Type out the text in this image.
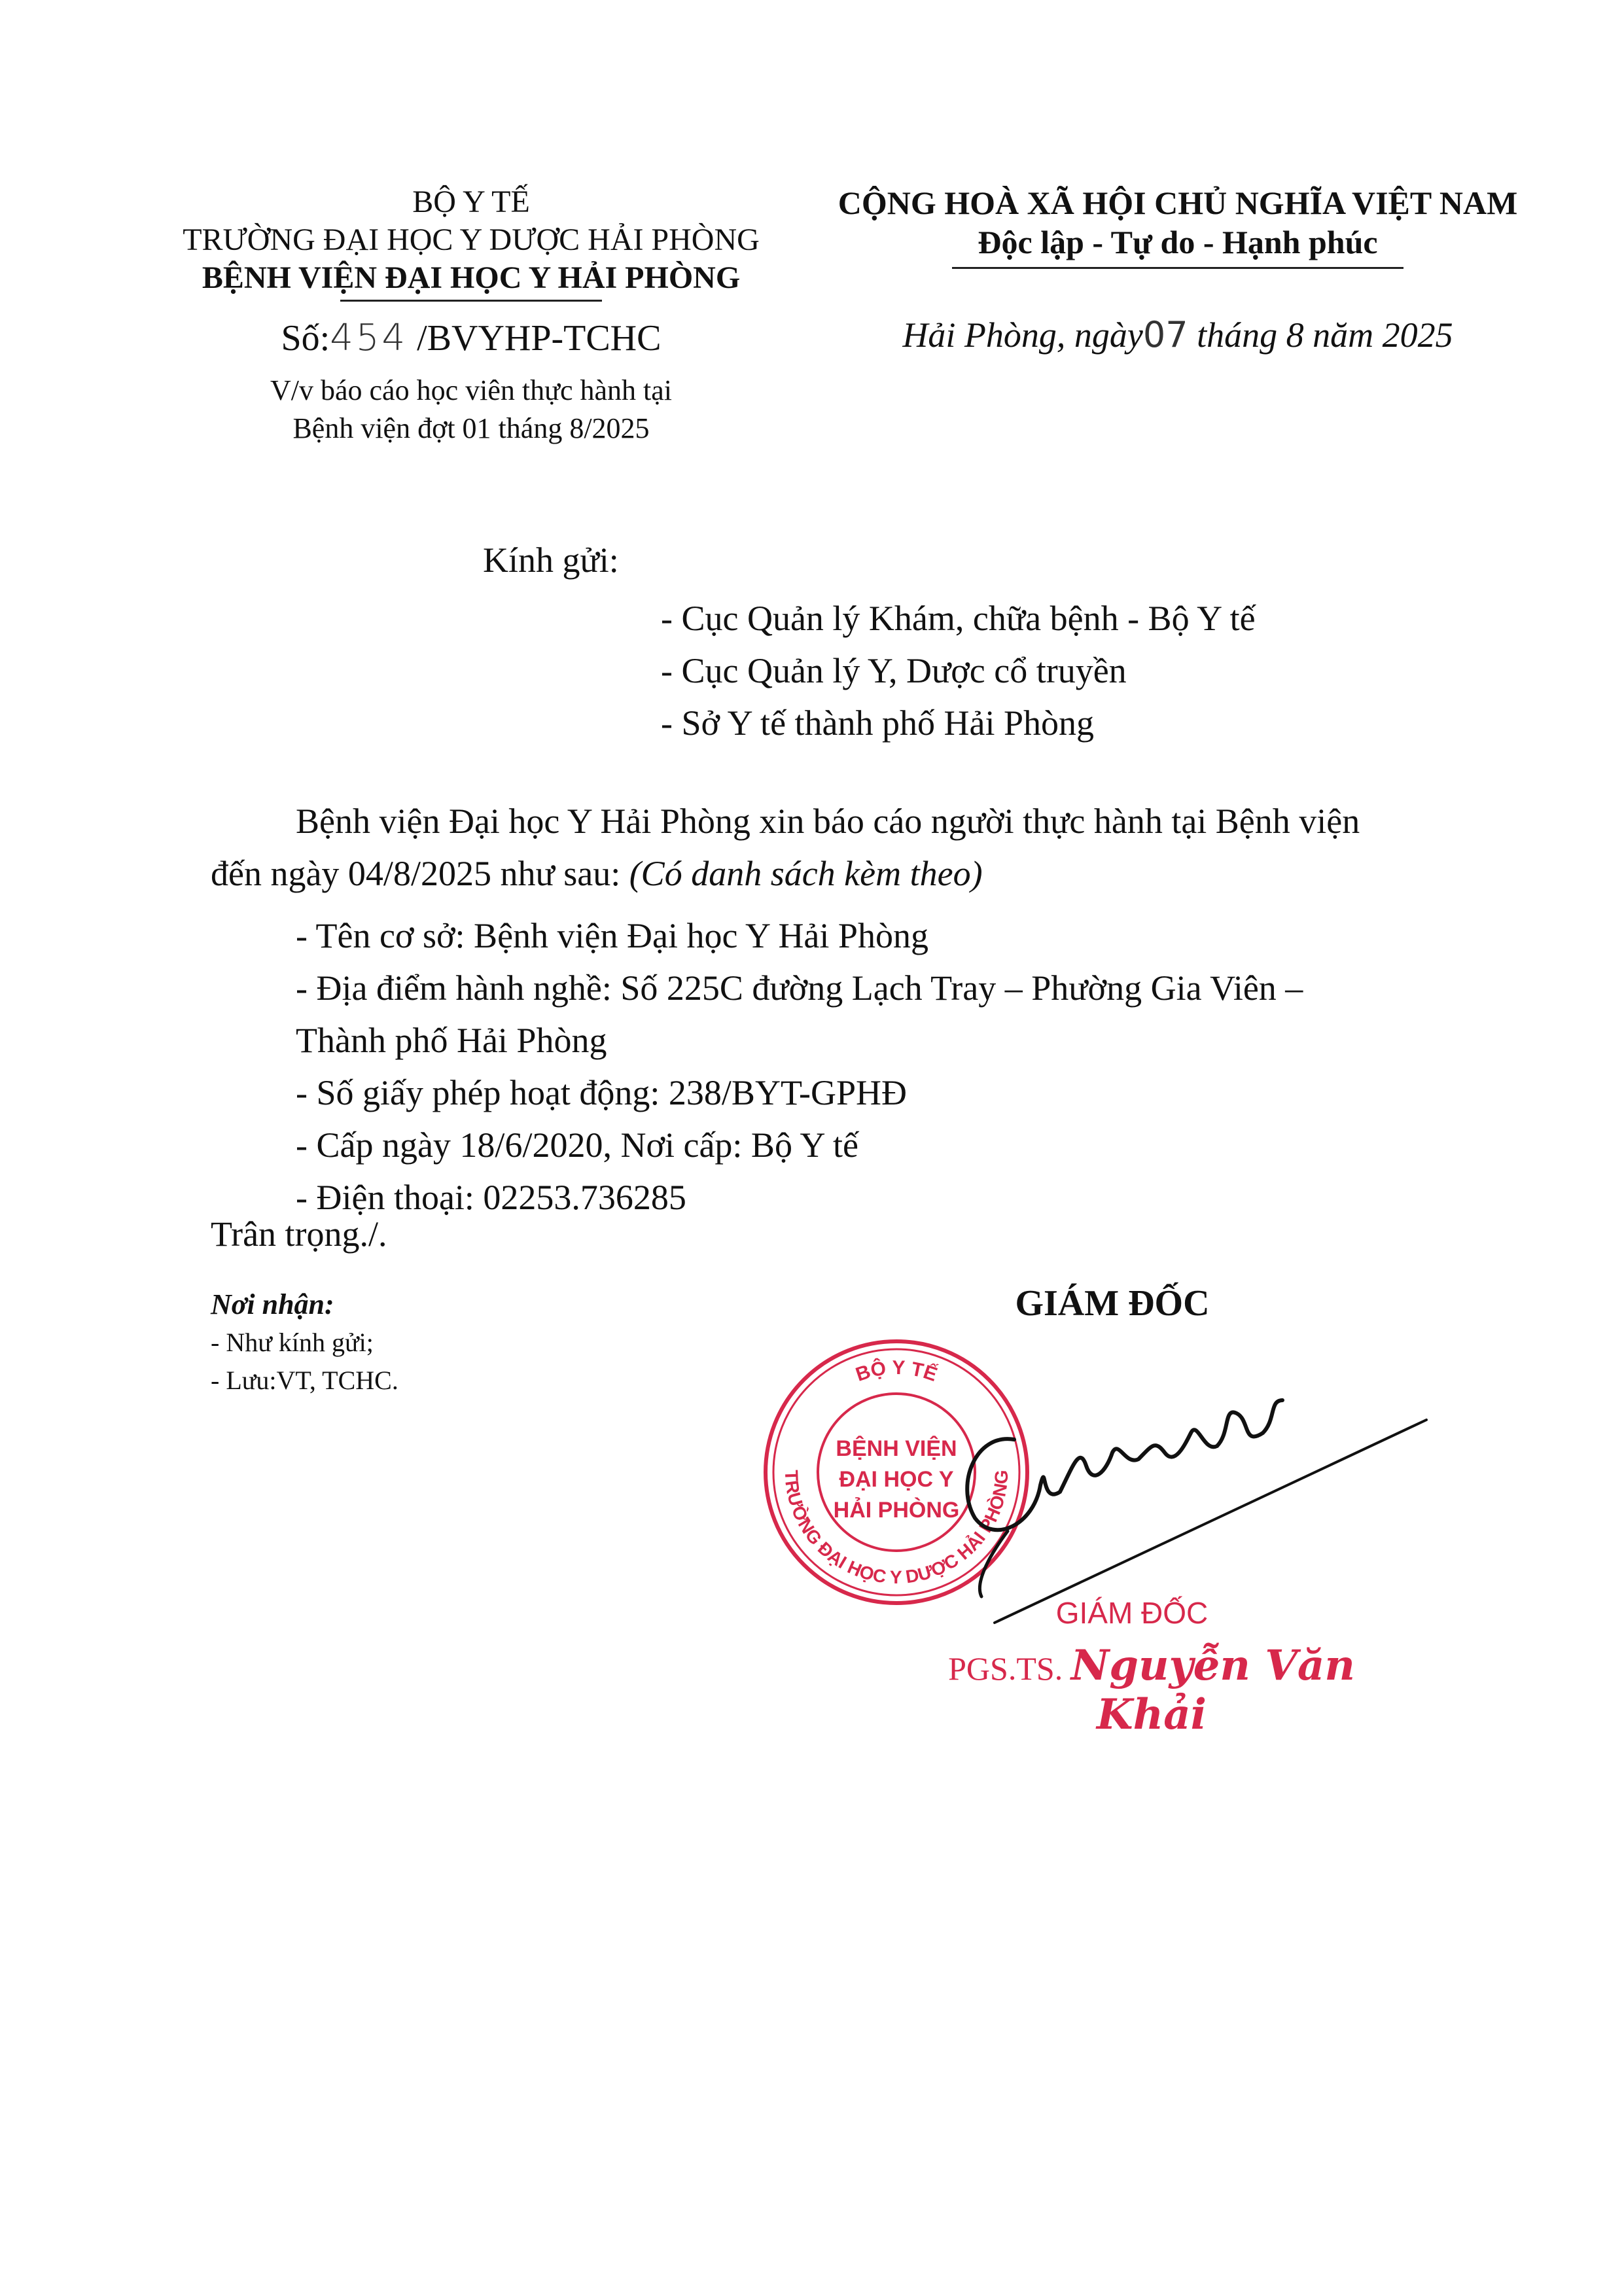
BỘ Y TẾ
TRƯỜNG ĐẠI HỌC Y DƯỢC HẢI PHÒNG
BỆNH VIỆN ĐẠI HỌC Y HẢI PHÒNG
Số:454 /BVYHP-TCHC
V/v báo cáo học viên thực hành tại
Bệnh viện đợt 01 tháng 8/2025
CỘNG HOÀ XÃ HỘI CHỦ NGHĨA VIỆT NAM
Độc lập - Tự do - Hạnh phúc
Hải Phòng, ngày07 tháng 8 năm 2025
Kính gửi:
- Cục Quản lý Khám, chữa bệnh - Bộ Y tế
- Cục Quản lý Y, Dược cổ truyền
- Sở Y tế thành phố Hải Phòng
Bệnh viện Đại học Y Hải Phòng xin báo cáo người thực hành tại Bệnh viện
đến ngày 04/8/2025 như sau: (Có danh sách kèm theo)
- Tên cơ sở: Bệnh viện Đại học Y Hải Phòng
- Địa điểm hành nghề: Số 225C đường Lạch Tray – Phường Gia Viên –
Thành phố Hải Phòng
- Số giấy phép hoạt động: 238/BYT-GPHĐ
- Cấp ngày 18/6/2020, Nơi cấp: Bộ Y tế
- Điện thoại: 02253.736285
Trân trọng./.
Nơi nhận:
- Như kính gửi;
- Lưu:VT, TCHC.
GIÁM ĐỐC
BỘ Y TẾ
TRƯỜNG ĐẠI HỌC Y DƯỢC HẢI PHÒNG
BỆNH VIỆN
ĐẠI HỌC Y
HẢI PHÒNG
GIÁM ĐỐC
PGS.TS. Nguyễn Văn Khải
